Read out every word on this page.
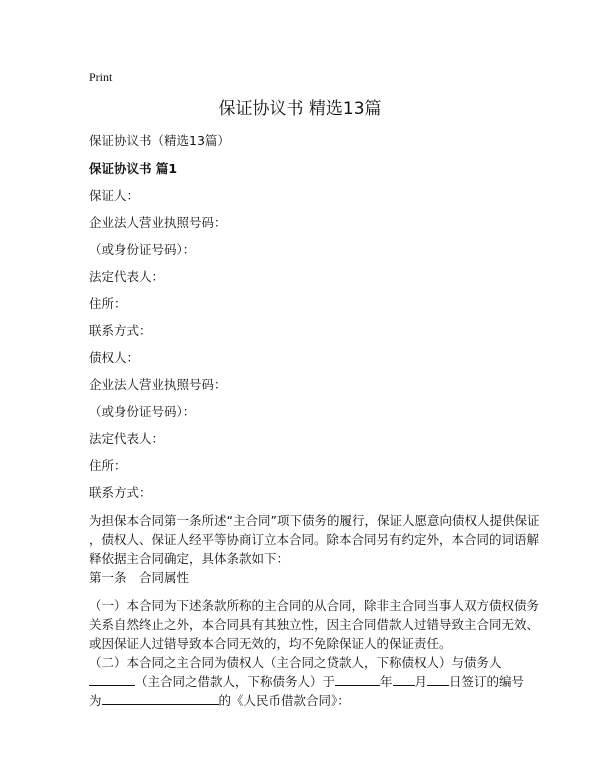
Print
保证协议书 精选13篇
保证协议书（精选13篇）
保证协议书 篇1
保证人：
企业法人营业执照号码：
（或身份证号码）：
法定代表人：
住所：
联系方式：
债权人：
企业法人营业执照号码：
（或身份证号码）：
法定代表人：
住所：
联系方式：
为担保本合同第一条所述“主合同”项下债务的履行，保证人愿意向债权人提供保证
，债权人、保证人经平等协商订立本合同。除本合同另有约定外，本合同的词语解
释依据主合同确定，具体条款如下：
第一条　合同属性
（一）本合同为下述条款所称的主合同的从合同，除非主合同当事人双方债权债务
关系自然终止之外，本合同具有其独立性，因主合同借款人过错导致主合同无效、
或因保证人过错导致本合同无效的，均不免除保证人的保证责任。
（二）本合同之主合同为债权人（主合同之贷款人，下称债权人）与债务人
（主合同之借款人，下称债务人）于	年 月 日签订的编号
为	的《人民币借款合同》：
